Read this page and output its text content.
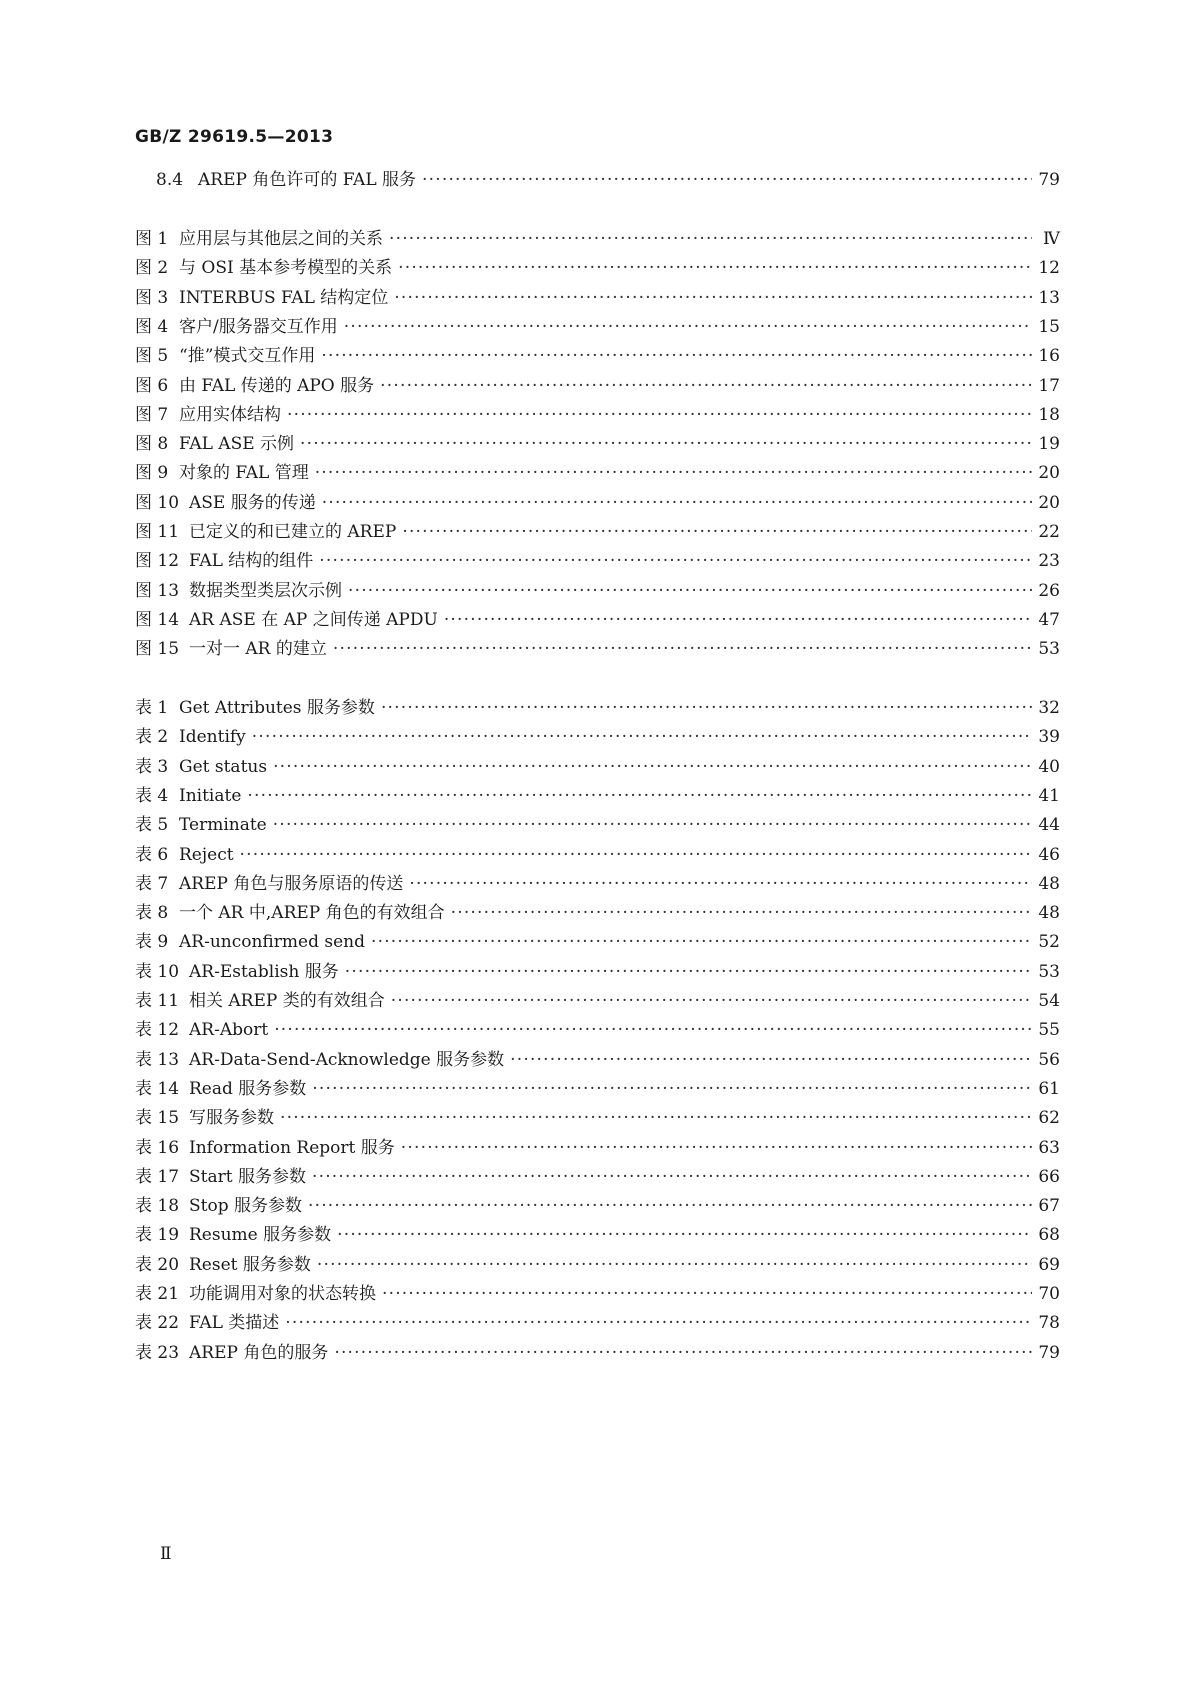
GB/Z 29619.5—2013
8.4 AREP 角色许可的 FAL 服务 ·····	79
图 1 应用层与其他层之间的关系 ·····	Ⅳ
图 2 与 OSI 基本参考模型的关系 ·····	12
图 3 INTERBUS FAL 结构定位 ·····	13
图 4 客户/服务器交互作用 ·····	15
图 5 “推”模式交互作用 ·····	16
图 6 由 FAL 传递的 APO 服务 ·····	17
图 7 应用实体结构 ·····	18
图 8 FAL ASE 示例 ·····	19
图 9 对象的 FAL 管理 ·····	20
图 10 ASE 服务的传递 ·····	20
图 11 已定义的和已建立的 AREP ·····	22
图 12 FAL 结构的组件 ·····	23
图 13 数据类型类层次示例 ·····	26
图 14 AR ASE 在 AP 之间传递 APDU ·····	47
图 15 一对一 AR 的建立 ·····	53
表 1 Get Attributes 服务参数 ·····	32
表 2 Identify ·····	39
表 3 Get status ·····	40
表 4 Initiate ·····	41
表 5 Terminate ·····	44
表 6 Reject ·····	46
表 7 AREP 角色与服务原语的传送 ·····	48
表 8 一个 AR 中,AREP 角色的有效组合 ·····	48
表 9 AR-unconfirmed send ·····	52
表 10 AR-Establish 服务 ·····	53
表 11 相关 AREP 类的有效组合 ·····	54
表 12 AR-Abort ·····	55
表 13 AR-Data-Send-Acknowledge 服务参数 ·····	56
表 14 Read 服务参数 ·····	61
表 15 写服务参数 ·····	62
表 16 Information Report 服务 ·····	63
表 17 Start 服务参数 ·····	66
表 18 Stop 服务参数 ·····	67
表 19 Resume 服务参数 ·····	68
表 20 Reset 服务参数 ·····	69
表 21 功能调用对象的状态转换 ·····	70
表 22 FAL 类描述 ·····	78
表 23 AREP 角色的服务 ·····	79
Ⅱ
